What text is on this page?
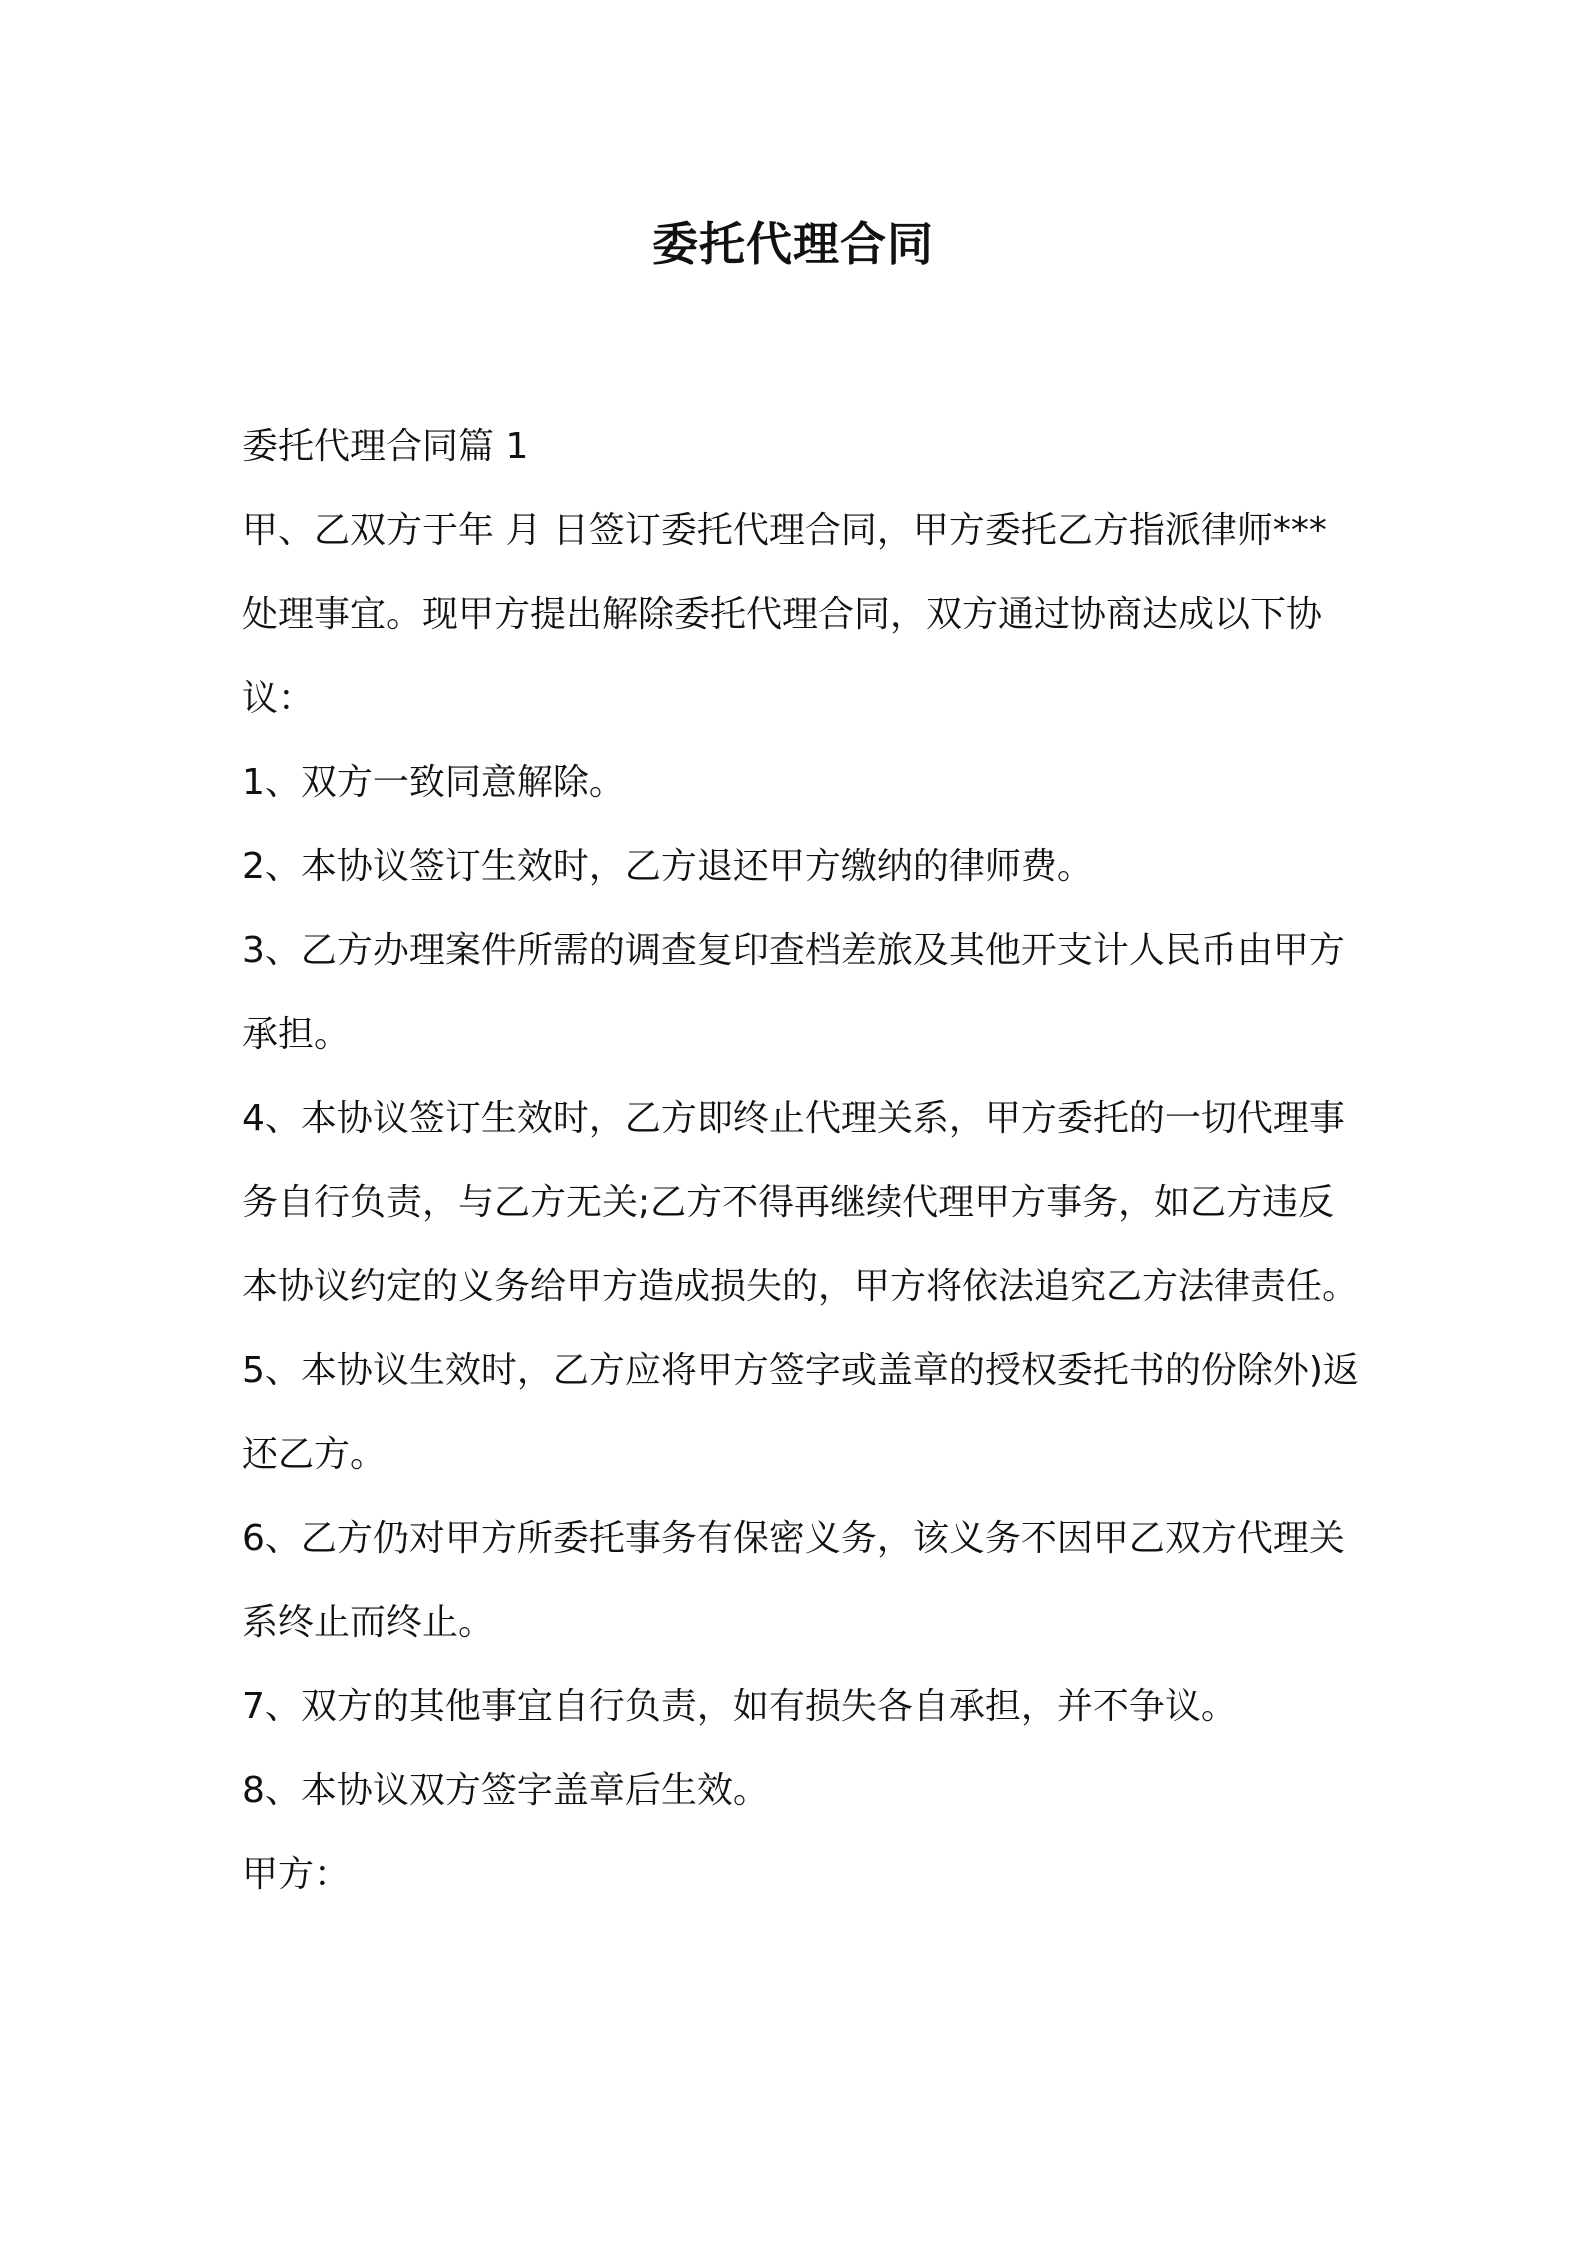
委托代理合同

委托代理合同篇 1

甲、乙双方于年 月 日签订委托代理合同，甲方委托乙方指派律师***处理事宜。现甲方提出解除委托代理合同，双方通过协商达成以下协议：

1、双方一致同意解除。

2、本协议签订生效时，乙方退还甲方缴纳的律师费。

3、乙方办理案件所需的调查复印查档差旅及其他开支计人民币由甲方承担。

4、本协议签订生效时，乙方即终止代理关系，甲方委托的一切代理事务自行负责，与乙方无关;乙方不得再继续代理甲方事务，如乙方违反本协议约定的义务给甲方造成损失的，甲方将依法追究乙方法律责任。

5、本协议生效时，乙方应将甲方签字或盖章的授权委托书的份除外)返还乙方。

6、乙方仍对甲方所委托事务有保密义务，该义务不因甲乙双方代理关系终止而终止。

7、双方的其他事宜自行负责，如有损失各自承担，并不争议。

8、本协议双方签字盖章后生效。

甲方：
